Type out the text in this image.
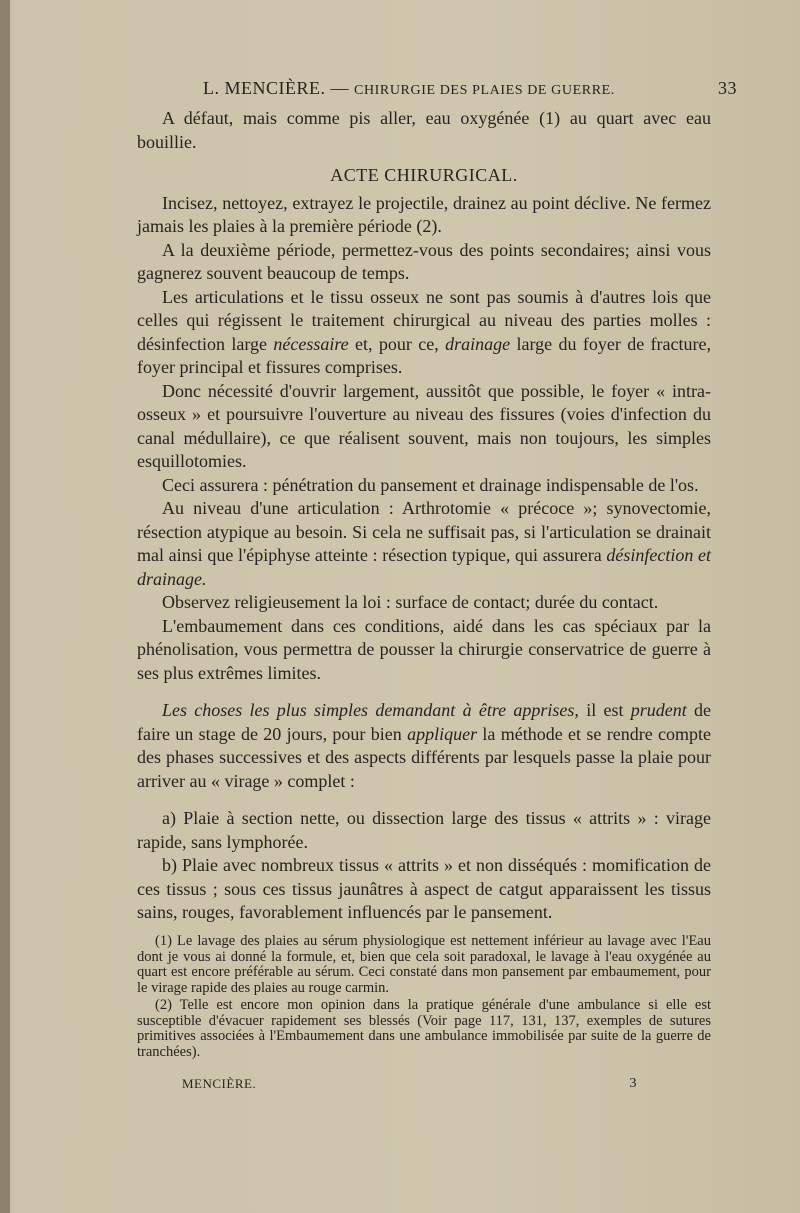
L. MENCIÈRE. — CHIRURGIE DES PLAIES DE GUERRE.	33

A défaut, mais comme pis aller, eau oxygénée (1) au quart avec eau bouillie.

ACTE CHIRURGICAL.

Incisez, nettoyez, extrayez le projectile, drainez au point déclive. Ne fermez jamais les plaies à la première période (2).

A la deuxième période, permettez-vous des points secondaires; ainsi vous gagnerez souvent beaucoup de temps.

Les articulations et le tissu osseux ne sont pas soumis à d'autres lois que celles qui régissent le traitement chirurgical au niveau des parties molles : désinfection large nécessaire et, pour ce, drainage large du foyer de fracture, foyer principal et fissures comprises.

Donc nécessité d'ouvrir largement, aussitôt que possible, le foyer « intra-osseux » et poursuivre l'ouverture au niveau des fissures (voies d'infection du canal médullaire), ce que réalisent souvent, mais non toujours, les simples esquillotomies.

Ceci assurera : pénétration du pansement et drainage indispensable de l'os.

Au niveau d'une articulation : Arthrotomie « précoce »; synovectomie, résection atypique au besoin. Si cela ne suffisait pas, si l'articulation se drainait mal ainsi que l'épiphyse atteinte : résection typique, qui assurera désinfection et drainage.

Observez religieusement la loi : surface de contact; durée du contact.

L'embaumement dans ces conditions, aidé dans les cas spéciaux par la phénolisation, vous permettra de pousser la chirurgie conservatrice de guerre à ses plus extrêmes limites.

Les choses les plus simples demandant à être apprises, il est prudent de faire un stage de 20 jours, pour bien appliquer la méthode et se rendre compte des phases successives et des aspects différents par lesquels passe la plaie pour arriver au « virage » complet :

a) Plaie à section nette, ou dissection large des tissus « attrits » : virage rapide, sans lymphorée.

b) Plaie avec nombreux tissus « attrits » et non disséqués : momification de ces tissus ; sous ces tissus jaunâtres à aspect de catgut apparaissent les tissus sains, rouges, favorablement influencés par le pansement.

(1) Le lavage des plaies au sérum physiologique est nettement inférieur au lavage avec l'Eau dont je vous ai donné la formule, et, bien que cela soit paradoxal, le lavage à l'eau oxygénée au quart est encore préférable au sérum. Ceci constaté dans mon pansement par embaumement, pour le virage rapide des plaies au rouge carmin.

(2) Telle est encore mon opinion dans la pratique générale d'une ambulance si elle est susceptible d'évacuer rapidement ses blessés (Voir page 117, 131, 137, exemples de sutures primitives associées à l'Embaumement dans une ambulance immobilisée par suite de la guerre de tranchées).

MENCIÈRE.	3
